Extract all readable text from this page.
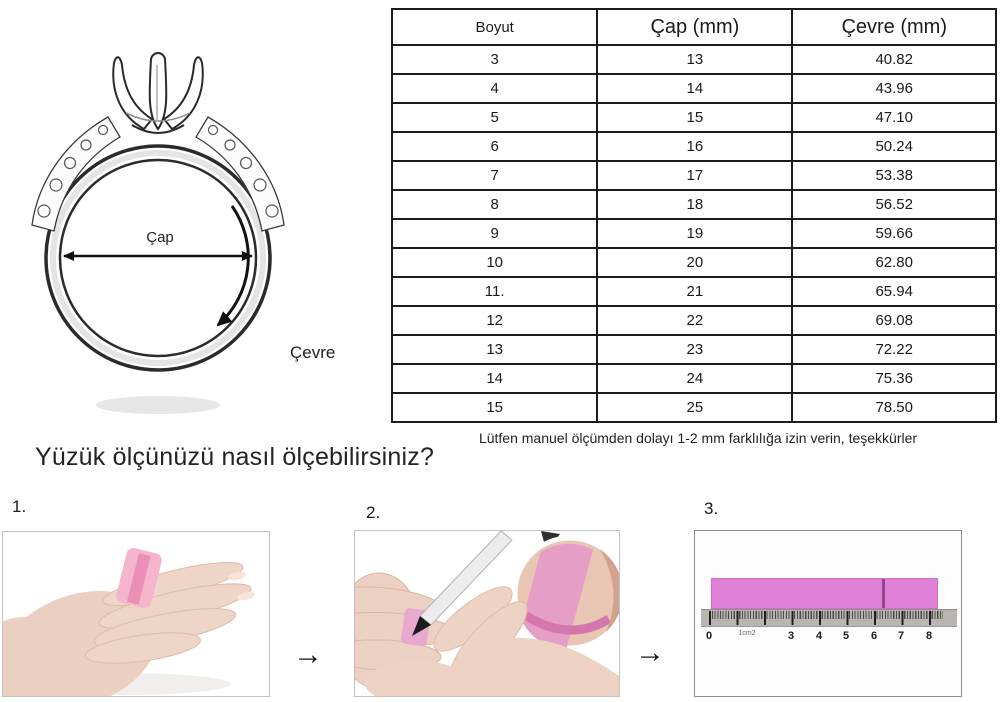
Çap
Çevre
Boyut	Çap (mm)	Çevre (mm)
3	13	40.82
4	14	43.96
5	15	47.10
6	16	50.24
7	17	53.38
8	18	56.52
9	19	59.66
10	20	62.80
11.	21	65.94
12	22	69.08
13	23	72.22
14	24	75.36
15	25	78.50
Lütfen manuel ölçümden dolayı 1-2 mm farklılığa izin verin, teşekkürler
Yüzük ölçünüzü nasıl ölçebilirsiniz?
1.	2.	3.
→	→	0	1cm2	3 4 5 6 7 8
